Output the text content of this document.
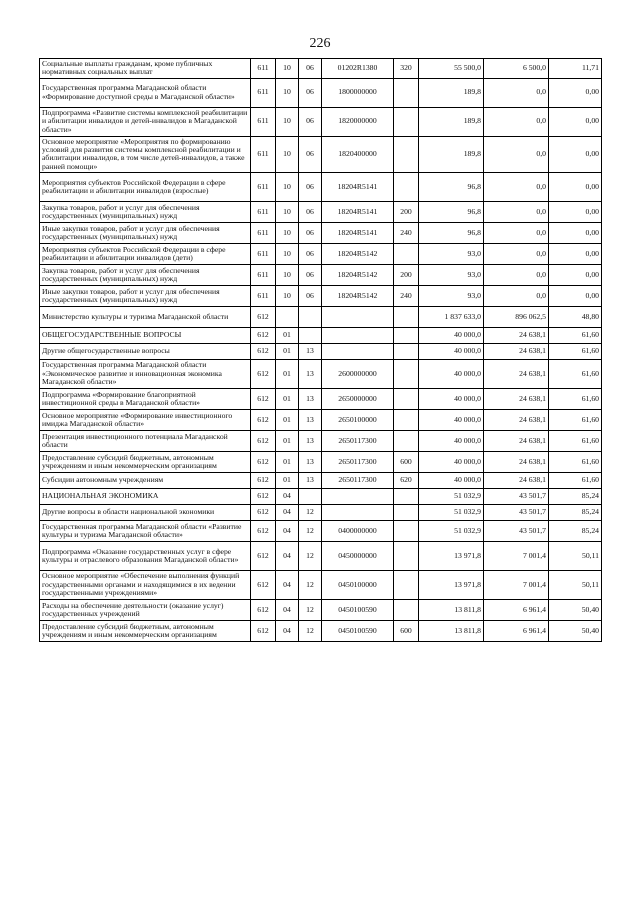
226
Социальные выплаты гражданам, кроме публичных нормативных социальных выплат	611	10	06	01202R1380	320	55 500,0	6 500,0	11,71
Государственная программа Магаданской области «Формирование доступной среды в Магаданской области»	611	10	06	1800000000		189,8	0,0	0,00
Подпрограмма «Развитие системы комплексной реабилитации и абилитации инвалидов и детей-инвалидов в Магаданской области»	611	10	06	1820000000		189,8	0,0	0,00
Основное мероприятие «Мероприятия по формированию условий для развития системы комплексной реабилитации и абилитации инвалидов, в том числе детей-инвалидов, а также ранней помощи»	611	10	06	1820400000		189,8	0,0	0,00
Мероприятия субъектов Российской Федерации в сфере реабилитации и абилитации инвалидов (взрослые)	611	10	06	18204R5141		96,8	0,0	0,00
Закупка товаров, работ и услуг для обеспечения государственных (муниципальных) нужд	611	10	06	18204R5141	200	96,8	0,0	0,00
Иные закупки товаров, работ и услуг для обеспечения государственных (муниципальных) нужд	611	10	06	18204R5141	240	96,8	0,0	0,00
Мероприятия субъектов Российской Федерации в сфере реабилитации и абилитации инвалидов (дети)	611	10	06	18204R5142		93,0	0,0	0,00
Закупка товаров, работ и услуг для обеспечения государственных (муниципальных) нужд	611	10	06	18204R5142	200	93,0	0,0	0,00
Иные закупки товаров, работ и услуг для обеспечения государственных (муниципальных) нужд	611	10	06	18204R5142	240	93,0	0,0	0,00
Министерство культуры и туризма Магаданской области	612					1 837 633,0	896 062,5	48,80
ОБЩЕГОСУДАРСТВЕННЫЕ ВОПРОСЫ	612	01				40 000,0	24 638,1	61,60
Другие общегосударственные вопросы	612	01	13			40 000,0	24 638,1	61,60
Государственная программа Магаданской области «Экономическое развитие и инновационная экономика Магаданской области»	612	01	13	2600000000		40 000,0	24 638,1	61,60
Подпрограмма «Формирование благоприятной инвестиционной среды в Магаданской области»	612	01	13	2650000000		40 000,0	24 638,1	61,60
Основное мероприятие «Формирование инвестиционного имиджа Магаданской области»	612	01	13	2650100000		40 000,0	24 638,1	61,60
Презентация инвестиционного потенциала Магаданской области	612	01	13	2650117300		40 000,0	24 638,1	61,60
Предоставление субсидий бюджетным, автономным учреждениям и иным некоммерческим организациям	612	01	13	2650117300	600	40 000,0	24 638,1	61,60
Субсидии автономным учреждениям	612	01	13	2650117300	620	40 000,0	24 638,1	61,60
НАЦИОНАЛЬНАЯ ЭКОНОМИКА	612	04				51 032,9	43 501,7	85,24
Другие вопросы в области национальной экономики	612	04	12			51 032,9	43 501,7	85,24
Государственная программа Магаданской области «Развитие культуры и туризма Магаданской области»	612	04	12	0400000000		51 032,9	43 501,7	85,24
Подпрограмма «Оказание государственных услуг в сфере культуры и отраслевого образования Магаданской области»	612	04	12	0450000000		13 971,8	7 001,4	50,11
Основное мероприятие «Обеспечение выполнения функций государственными органами и находящимися в их ведении государственными учреждениями»	612	04	12	0450100000		13 971,8	7 001,4	50,11
Расходы на обеспечение деятельности (оказание услуг) государственных учреждений	612	04	12	0450100590		13 811,8	6 961,4	50,40
Предоставление субсидий бюджетным, автономным учреждениям и иным некоммерческим организациям	612	04	12	0450100590	600	13 811,8	6 961,4	50,40
